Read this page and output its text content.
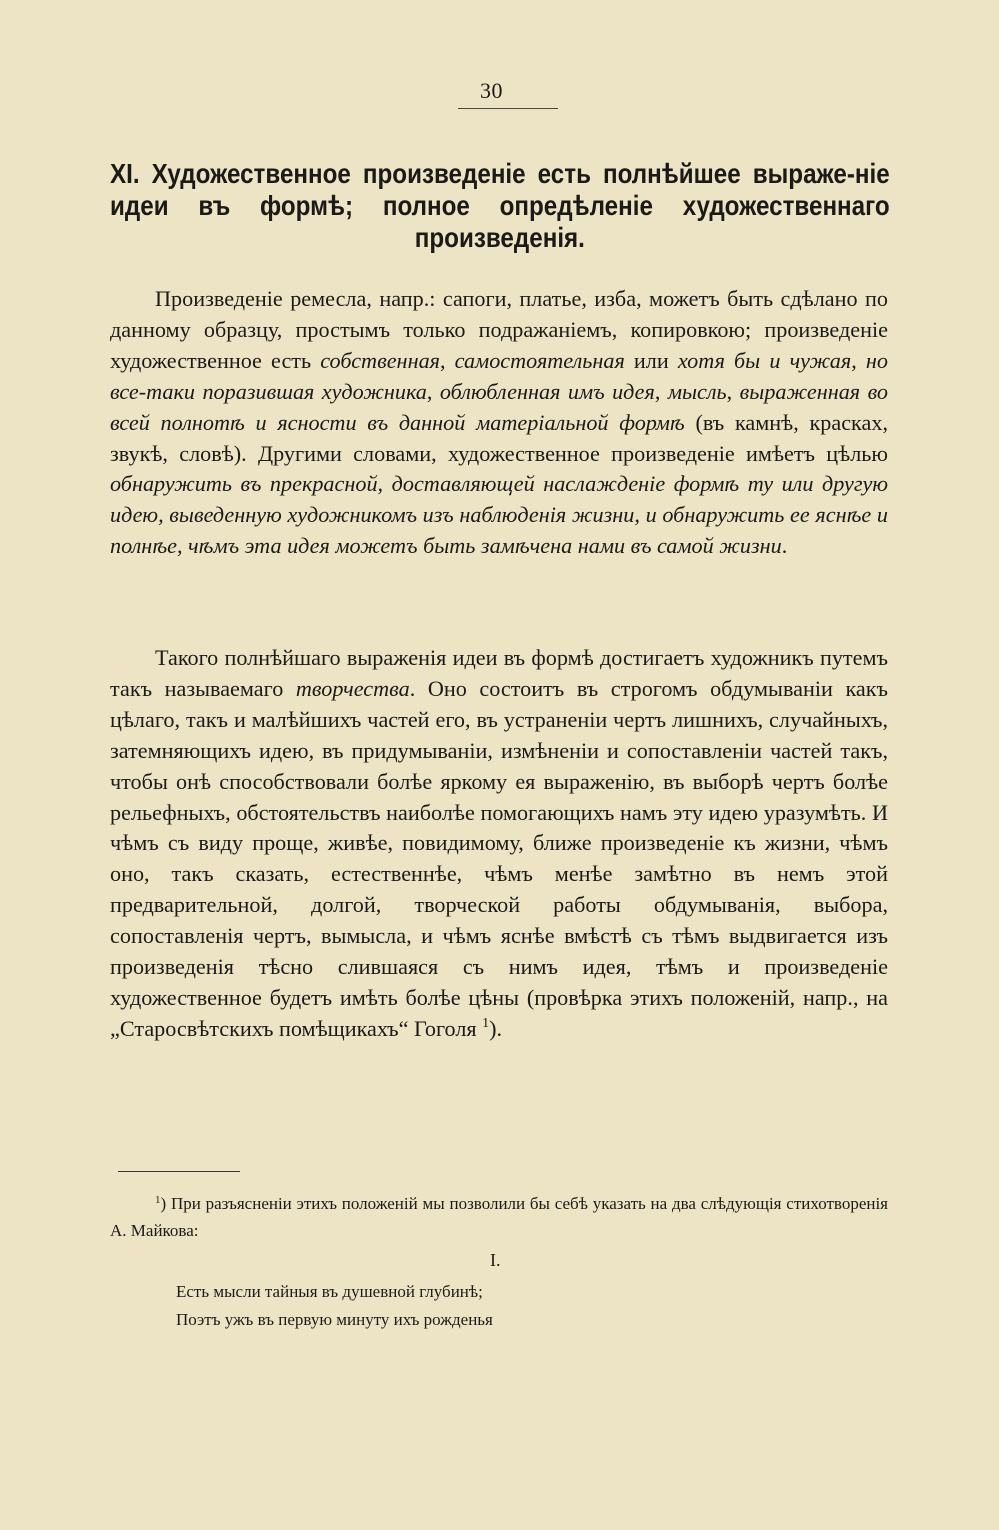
30
XI. Художественное произведеніе есть полнѣйшее выраже-ніе идеи въ формѣ; полное опредѣленіе художественнаго произведенія.

Произведеніе ремесла, напр.: сапоги, платье, изба, можетъ быть сдѣлано по данному образцу, простымъ только подражаніемъ, копировкою; произведеніе художественное есть собственная, самостоятельная или хотя бы и чужая, но все-таки поразившая художника, облюбленная имъ идея, мысль, выраженная во всей полнотѣ и ясности въ данной матеріальной формѣ (въ камнѣ, красках, звукѣ, словѣ). Другими словами, художественное произведеніе имѣетъ цѣлью обнаружить въ прекрасной, доставляющей наслажденіе формѣ ту или другую идею, выведенную художникомъ изъ наблюденія жизни, и обнаружить ее яснѣе и полнѣе, чѣмъ эта идея можетъ быть замѣчена нами въ самой жизни.

Такого полнѣйшаго выраженія идеи въ формѣ достигаетъ художникъ путемъ такъ называемаго творчества. Оно состоитъ въ строгомъ обдумываніи какъ цѣлаго, такъ и малѣйшихъ частей его, въ устраненіи чертъ лишнихъ, случайныхъ, затемняющихъ идею, въ придумываніи, измѣненіи и сопоставленіи частей такъ, чтобы онѣ способствовали болѣе яркому ея выраженію, въ выборѣ чертъ болѣе рельефныхъ, обстоятельствъ наиболѣе помогающихъ намъ эту идею уразумѣть. И чѣмъ съ виду проще, живѣе, повидимому, ближе произведеніе къ жизни, чѣмъ оно, такъ сказать, естественнѣе, чѣмъ менѣе замѣтно въ немъ этой предварительной, долгой, творческой работы обдумыванія, выбора, сопоставленія чертъ, вымысла, и чѣмъ яснѣе вмѣстѣ съ тѣмъ выдвигается изъ произведенія тѣсно слившаяся съ нимъ идея, тѣмъ и произведеніе художественное будетъ имѣть болѣе цѣны (провѣрка этихъ положеній, напр., на „Старосвѣтскихъ помѣщикахъ“ Гоголя $^1$).

$^1$) При разъясненіи этихъ положеній мы позволили бы себѣ указать на два слѣдующія стихотворенія А. Майкова:

I.
Есть мысли тайныя въ душевной глубинѣ;
Поэтъ ужъ въ первую минуту ихъ рожденья
